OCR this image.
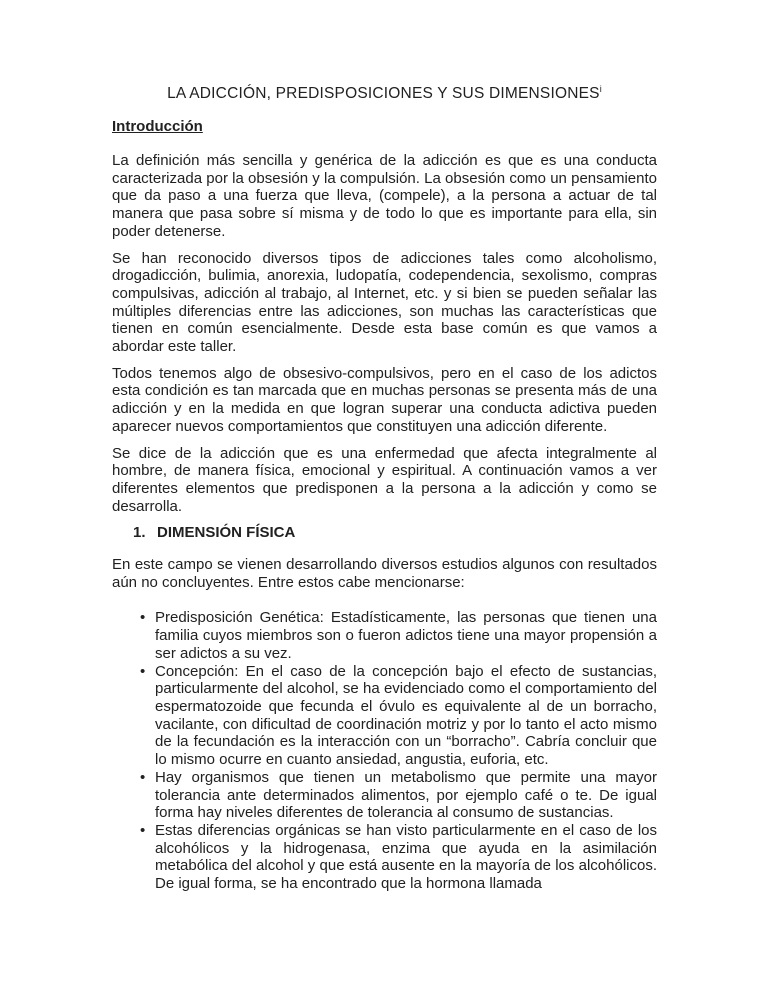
LA ADICCIÓN, PREDISPOSICIONES Y SUS DIMENSIONES$^i$
Introducción

La definición más sencilla y genérica de la adicción es que es una conducta caracterizada por la obsesión y la compulsión. La obsesión como un pensamiento que da paso a una fuerza que lleva, (compele), a la persona a actuar de tal manera que pasa sobre sí misma y de todo lo que es importante para ella, sin poder detenerse.

Se han reconocido diversos tipos de adicciones tales como alcoholismo, drogadicción, bulimia, anorexia, ludopatía, codependencia, sexolismo, compras compulsivas, adicción al trabajo, al Internet, etc. y si bien se pueden señalar las múltiples diferencias entre las adicciones, son muchas las características que tienen en común esencialmente. Desde esta base común es que vamos a abordar este taller.

Todos tenemos algo de obsesivo-compulsivos, pero en el caso de los adictos esta condición es tan marcada que en muchas personas se presenta más de una adicción y en la medida en que logran superar una conducta adictiva pueden aparecer nuevos comportamientos que constituyen una adicción diferente.

Se dice de la adicción que es una enfermedad que afecta integralmente al hombre, de manera física, emocional y espiritual. A continuación vamos a ver diferentes elementos que predisponen a la persona a la adicción y como se desarrolla.

1. DIMENSIÓN FÍSICA

En este campo se vienen desarrollando diversos estudios algunos con resultados aún no concluyentes. Entre estos cabe mencionarse:

• Predisposición Genética: Estadísticamente, las personas que tienen una familia cuyos miembros son o fueron adictos tiene una mayor propensión a ser adictos a su vez.
• Concepción: En el caso de la concepción bajo el efecto de sustancias, particularmente del alcohol, se ha evidenciado como el comportamiento del espermatozoide que fecunda el óvulo es equivalente al de un borracho, vacilante, con dificultad de coordinación motriz y por lo tanto el acto mismo de la fecundación es la interacción con un “borracho”. Cabría concluir que lo mismo ocurre en cuanto ansiedad, angustia, euforia, etc.
• Hay organismos que tienen un metabolismo que permite una mayor tolerancia ante determinados alimentos, por ejemplo café o te. De igual forma hay niveles diferentes de tolerancia al consumo de sustancias.
• Estas diferencias orgánicas se han visto particularmente en el caso de los alcohólicos y la hidrogenasa, enzima que ayuda en la asimilación metabólica del alcohol y que está ausente en la mayoría de los alcohólicos. De igual forma, se ha encontrado que la hormona llamada
